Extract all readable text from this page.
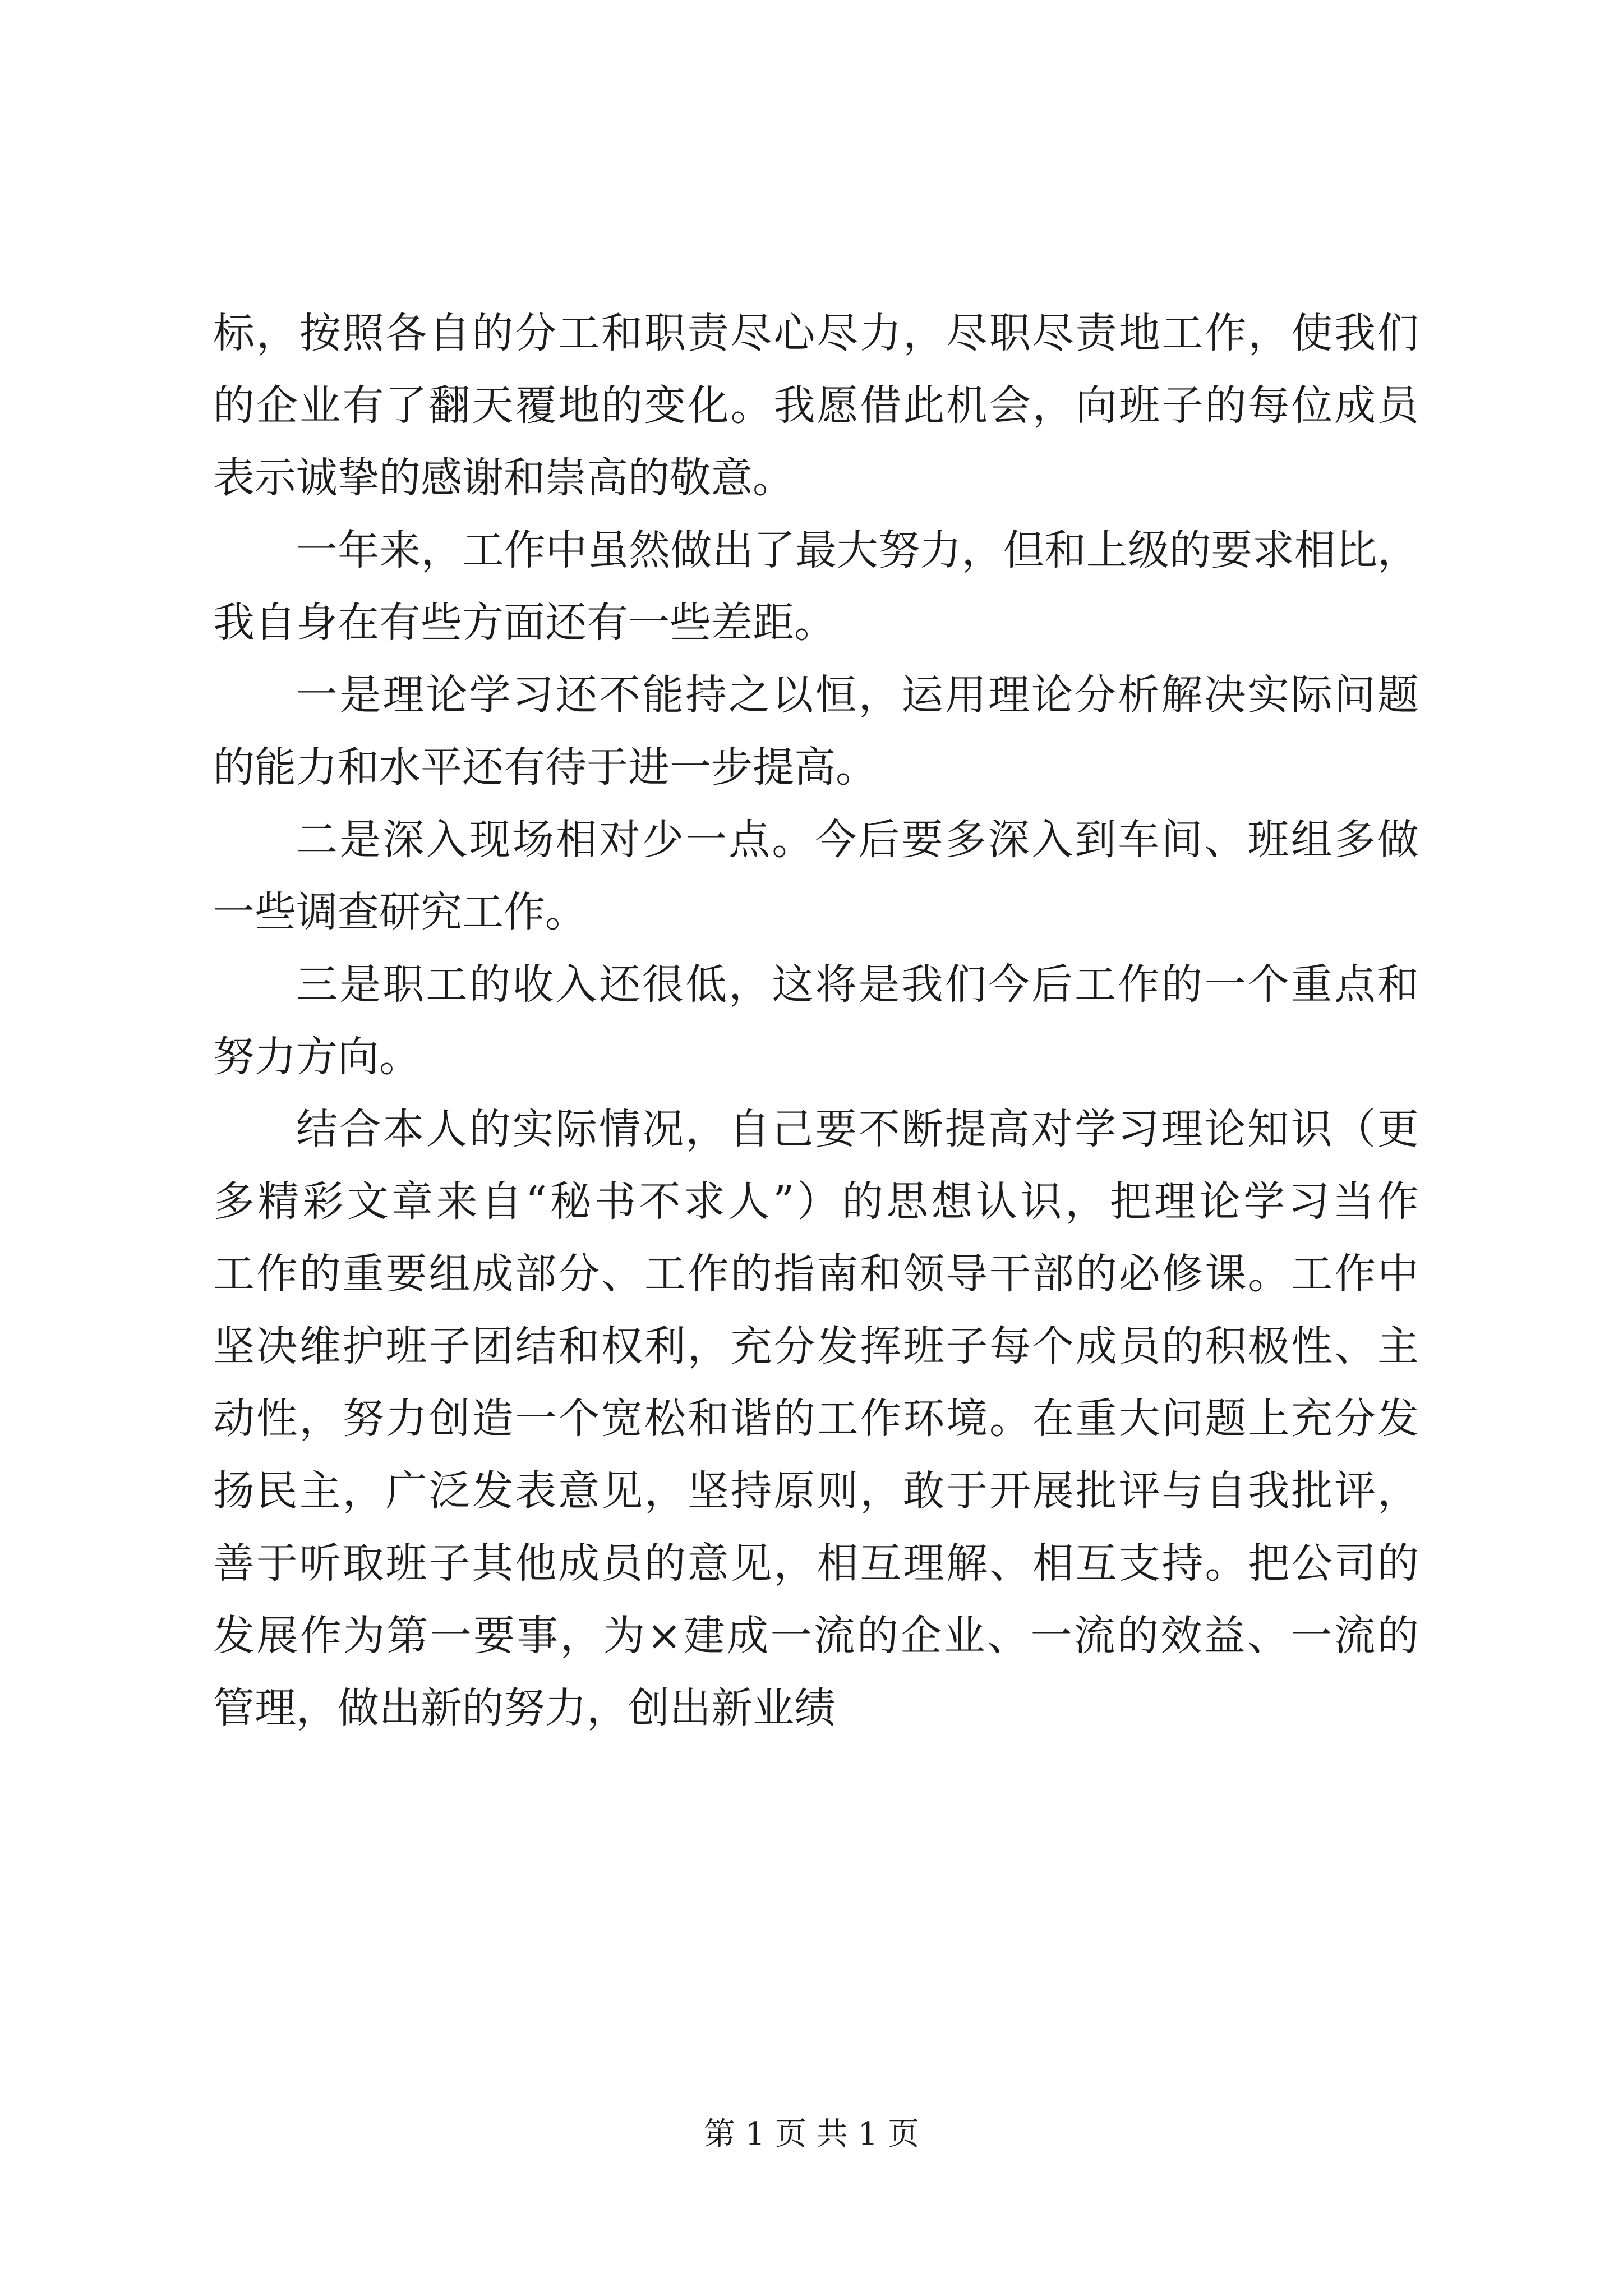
标，按照各自的分工和职责尽心尽力，尽职尽责地工作，使我们
的企业有了翻天覆地的变化。我愿借此机会，向班子的每位成员
表示诚挚的感谢和崇高的敬意。

一年来，工作中虽然做出了最大努力，但和上级的要求相比，
我自身在有些方面还有一些差距。

一是理论学习还不能持之以恒，运用理论分析解决实际问题
的能力和水平还有待于进一步提高。

二是深入现场相对少一点。今后要多深入到车间、班组多做
一些调查研究工作。

三是职工的收入还很低，这将是我们今后工作的一个重点和
努力方向。

结合本人的实际情况，自己要不断提高对学习理论知识（更
多精彩文章来自“秘书不求人”）的思想认识，把理论学习当作
工作的重要组成部分、工作的指南和领导干部的必修课。工作中
坚决维护班子团结和权利，充分发挥班子每个成员的积极性、主
动性，努力创造一个宽松和谐的工作环境。在重大问题上充分发
扬民主，广泛发表意见，坚持原则，敢于开展批评与自我批评，
善于听取班子其他成员的意见，相互理解、相互支持。把公司的
发展作为第一要事，为×建成一流的企业、一流的效益、一流的
管理，做出新的努力，创出新业绩

第 1 页 共 1 页
